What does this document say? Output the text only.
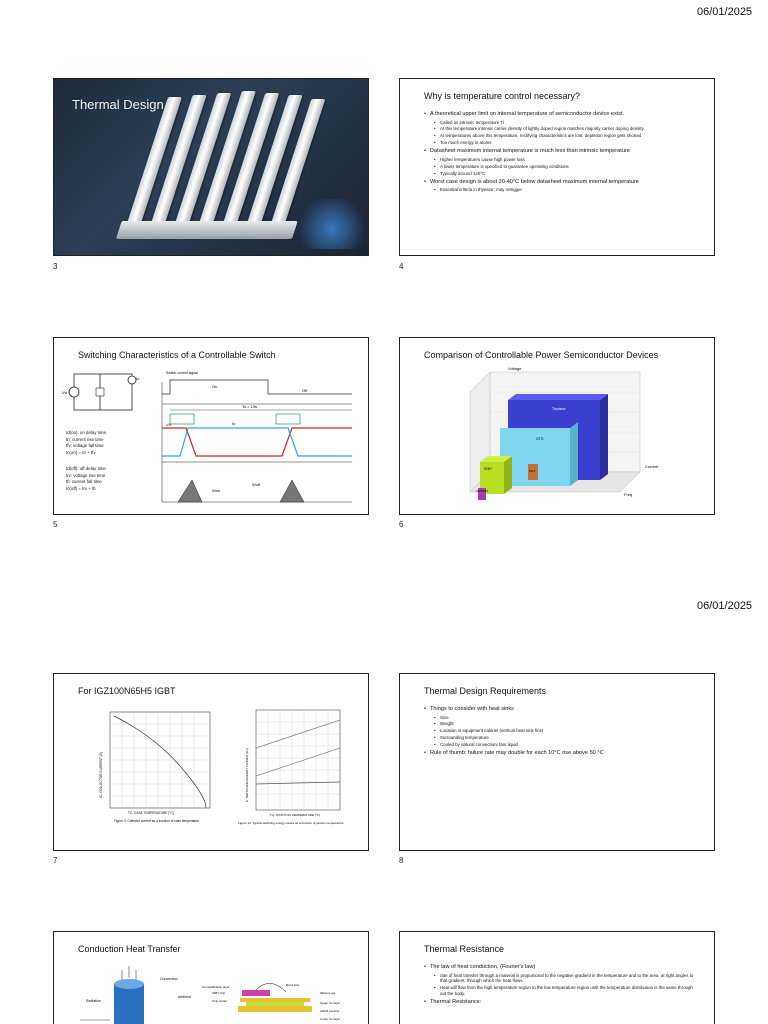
06/01/2025
06/01/2025
Thermal Design
3
Why is temperature control necessary?
• A theoretical upper limit on internal temperature of semiconductor device exist.
• Called as intrinsic temperature Ti
• At this temperature intrinsic carrier density of lightly doped region matches majority carrier doping density.
• At temperatures above this temperature, rectifying characteristics are lost, depletion region gets shorted
• Too much energy in atoms
• Datasheet maximum internal temperature is much less than intrinsic temperature
• Higher temperatures cause high power loss
• A lower temperature is specified to guarantee operating conditions
• Typically around 120°C
• Worst case design is about 20-40°C below datasheet maximum internal temperature
• Essential criteria in thyristor; may retrigger
4
Switching Characteristics of a Controllable Switch
Vd
Io
td(on): on delay time
tri: current rise time
tfv: voltage fall time
tc(on) = tri + tfv
td(off): off delay time
trv: voltage rise time
tfi: current fall time
tc(off) = trv + tfi	Won
Woff
On
Off
Ts = 1/fs
Switch control signal
Vd	Io
5
Comparison of Controllable Power Semiconductor Devices
Thyristor
GTO
IGBT	MCT
MOSFET
Voltage
Current
Freq
6
For IGZ100N65H5 IGBT
TC, CASE TEMPERATURE [°C]
IC, COLLECTOR CURRENT [A]
Figure 3. Collector current as a function of case temperature
Tvj, JUNCTION TEMPERATURE [°C]
E, SWITCHING ENERGY LOSSES [mJ]
Figure 14. Typical switching energy losses as a function of junction temperature
7
Thermal Design Requirements
• Things to consider with heat sinks
• Size
• Weight
• Location in equipment cabinet (vertical heat sink fins)
• Surrounding temperature
• Cooled by natural convection/ fan/ liquid
• Rule of thumb: failure rate may double for each 10°C rise above 50 °C
8
Conduction Heat Transfer
Radiation
Convection
Ambient
Al metallization layer
IGBT chip
Chip solder
Bond wire
Silicone gel
Upper Cu layer
Al2O3 ceramic
Lower Cu layer
Thermal Resistance
• The law of heat conduction, (Fourier's law)
• rate of heat transfer through a material is proportional to the negative gradient in the temperature and to the area, at right angles to that gradient, through which the heat flows.
• Heat will flow from the high temperature region to the low temperature region until the temperature distribution is the same through out the body.
• Thermal Resistance:
